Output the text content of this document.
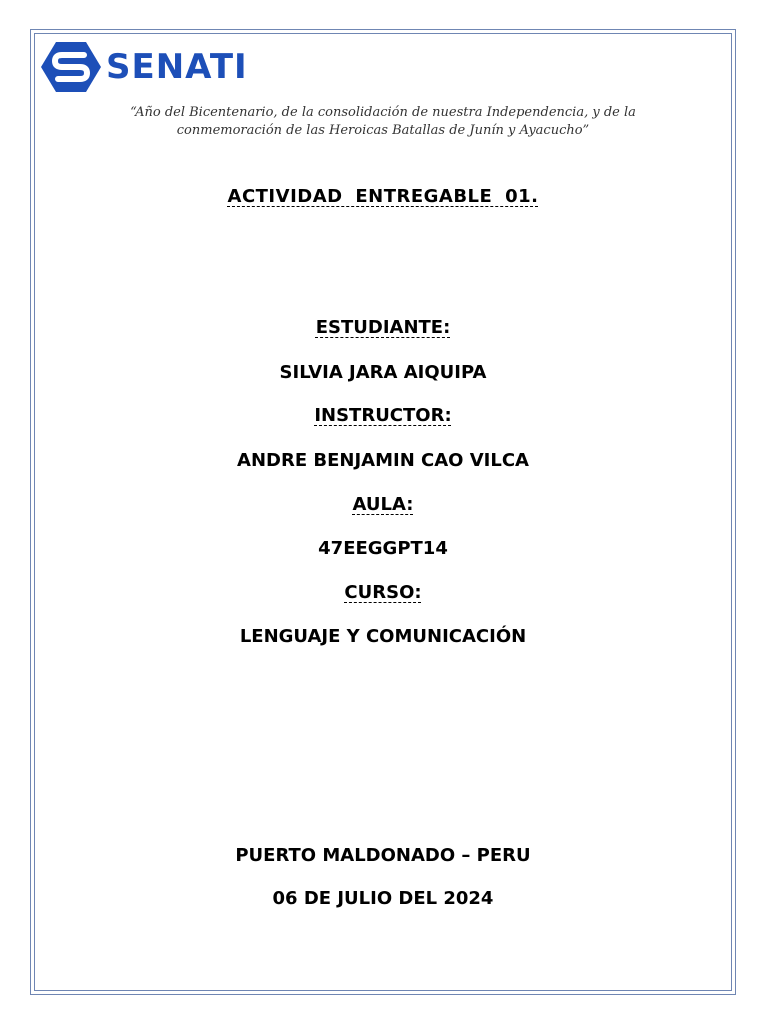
SENATI
“Año del Bicentenario, de la consolidación de nuestra Independencia, y de la
conmemoración de las Heroicas Batallas de Junín y Ayacucho”
ACTIVIDAD ENTREGABLE 01.
ESTUDIANTE:
SILVIA JARA AIQUIPA
INSTRUCTOR:
ANDRE BENJAMIN CAO VILCA
AULA:
47EEGGPT14
CURSO:
LENGUAJE Y COMUNICACIÓN
PUERTO MALDONADO – PERU
06 DE JULIO DEL 2024
